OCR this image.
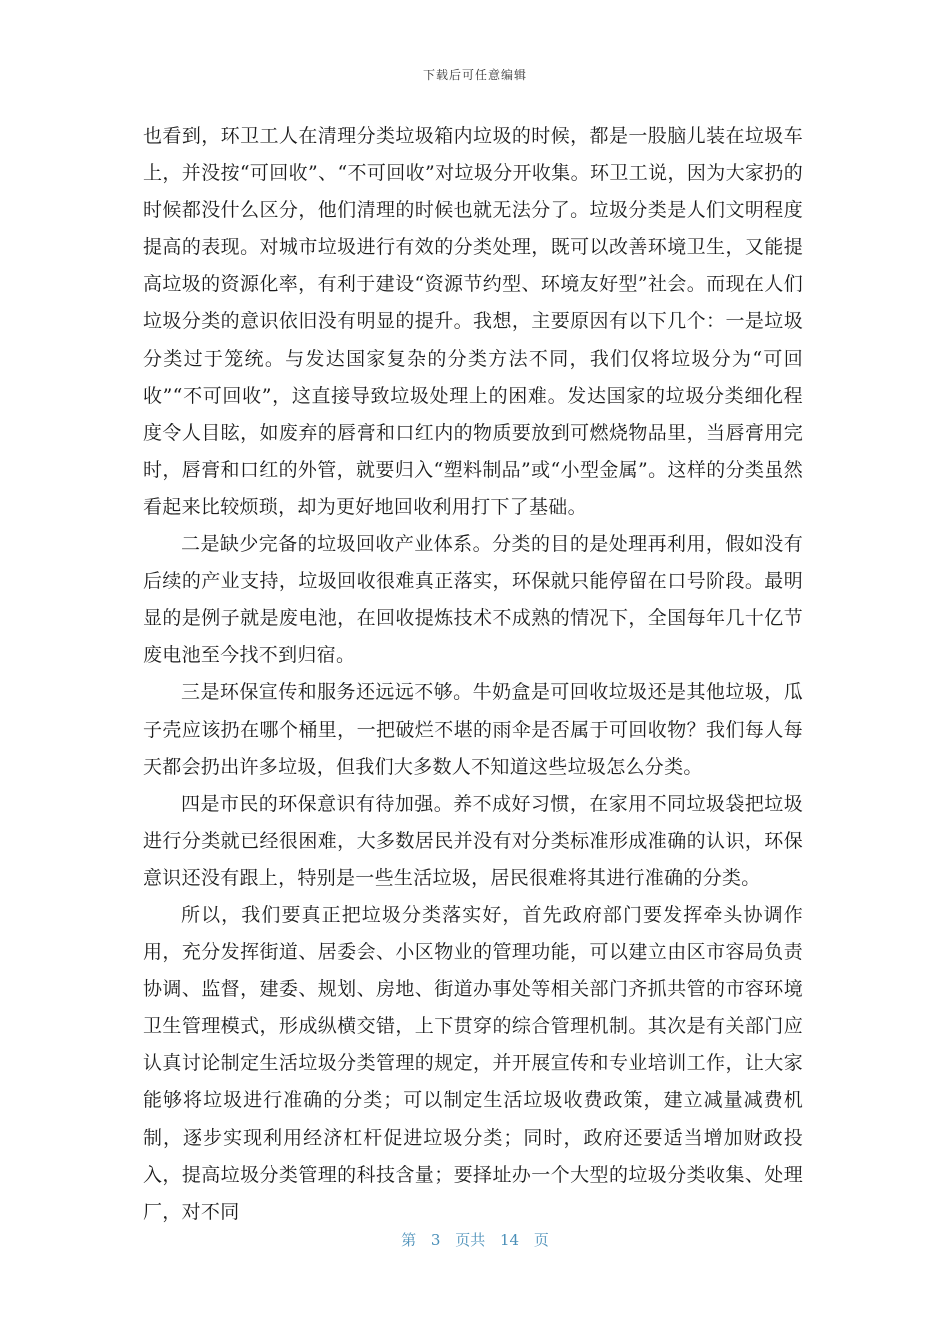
下载后可任意编辑

也看到，环卫工人在清理分类垃圾箱内垃圾的时候，都是一股脑儿装在垃圾车上，并没按“可回收”、“不可回收”对垃圾分开收集。环卫工说，因为大家扔的时候都没什么区分，他们清理的时候也就无法分了。垃圾分类是人们文明程度提高的表现。对城市垃圾进行有效的分类处理，既可以改善环境卫生，又能提高垃圾的资源化率，有利于建设“资源节约型、环境友好型”社会。而现在人们垃圾分类的意识依旧没有明显的提升。我想，主要原因有以下几个：一是垃圾分类过于笼统。与发达国家复杂的分类方法不同，我们仅将垃圾分为“可回收”“不可回收”，这直接导致垃圾处理上的困难。发达国家的垃圾分类细化程度令人目眩，如废弃的唇膏和口红内的物质要放到可燃烧物品里，当唇膏用完时，唇膏和口红的外管，就要归入“塑料制品”或“小型金属”。这样的分类虽然看起来比较烦琐，却为更好地回收利用打下了基础。

二是缺少完备的垃圾回收产业体系。分类的目的是处理再利用，假如没有后续的产业支持，垃圾回收很难真正落实，环保就只能停留在口号阶段。最明显的是例子就是废电池，在回收提炼技术不成熟的情况下，全国每年几十亿节废电池至今找不到归宿。

三是环保宣传和服务还远远不够。牛奶盒是可回收垃圾还是其他垃圾，瓜子壳应该扔在哪个桶里，一把破烂不堪的雨伞是否属于可回收物？我们每人每天都会扔出许多垃圾，但我们大多数人不知道这些垃圾怎么分类。

四是市民的环保意识有待加强。养不成好习惯，在家用不同垃圾袋把垃圾进行分类就已经很困难，大多数居民并没有对分类标准形成准确的认识，环保意识还没有跟上，特别是一些生活垃圾，居民很难将其进行准确的分类。

所以，我们要真正把垃圾分类落实好，首先政府部门要发挥牵头协调作用，充分发挥街道、居委会、小区物业的管理功能，可以建立由区市容局负责协调、监督，建委、规划、房地、街道办事处等相关部门齐抓共管的市容环境卫生管理模式，形成纵横交错，上下贯穿的综合管理机制。其次是有关部门应认真讨论制定生活垃圾分类管理的规定，并开展宣传和专业培训工作，让大家能够将垃圾进行准确的分类；可以制定生活垃圾收费政策，建立减量减费机制，逐步实现利用经济杠杆促进垃圾分类；同时，政府还要适当增加财政投入，提高垃圾分类管理的科技含量；要择址办一个大型的垃圾分类收集、处理厂，对不同

第 3 页共 14 页
